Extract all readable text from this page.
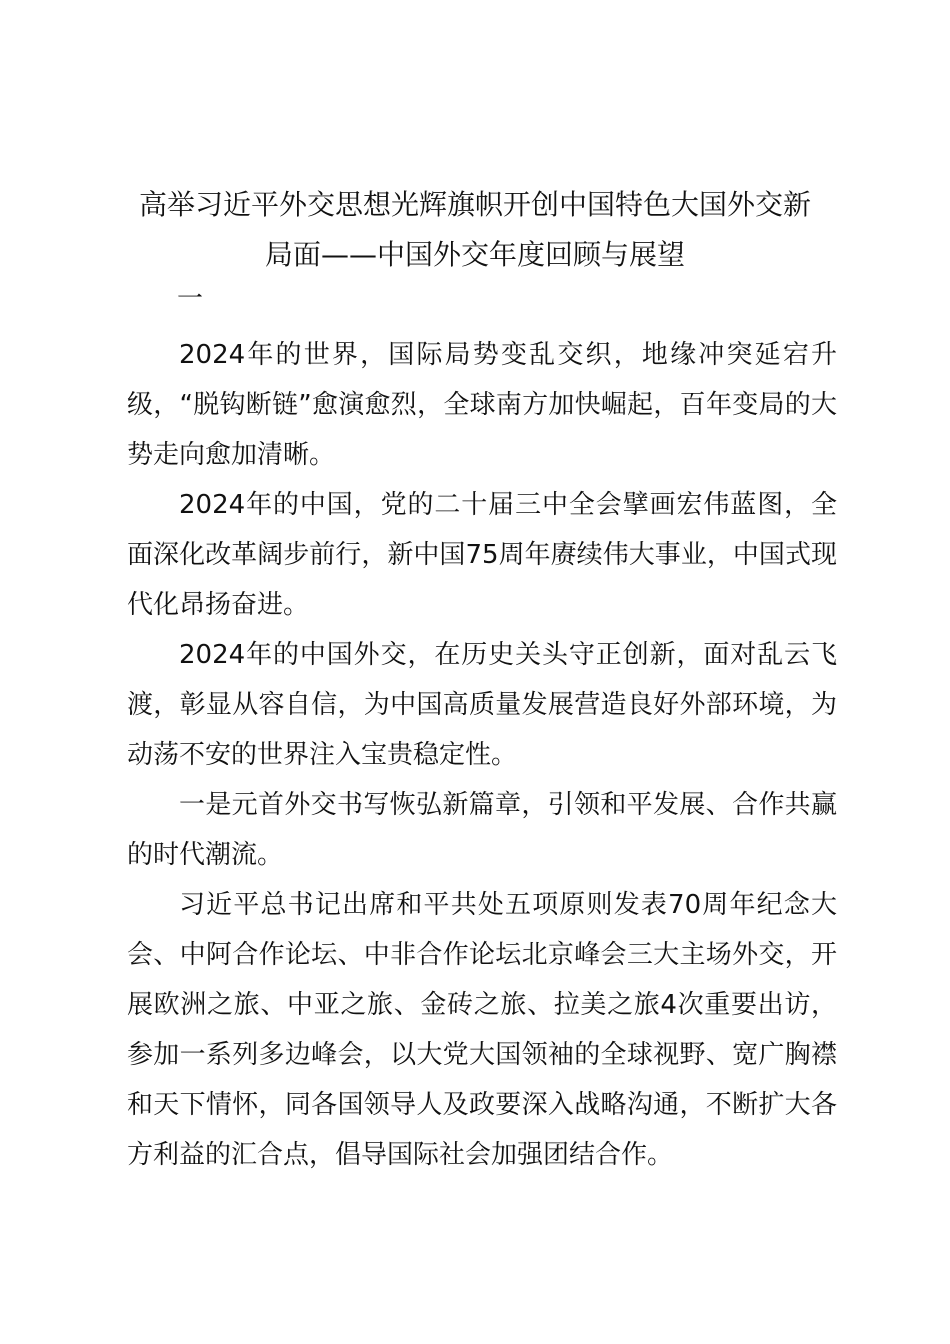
高举习近平外交思想光辉旗帜开创中国特色大国外交新
局面——中国外交年度回顾与展望
一

2024年的世界，国际局势变乱交织，地缘冲突延宕升级，“脱钩断链”愈演愈烈，全球南方加快崛起，百年变局的大势走向愈加清晰。

2024年的中国，党的二十届三中全会擘画宏伟蓝图，全面深化改革阔步前行，新中国75周年赓续伟大事业，中国式现代化昂扬奋进。

2024年的中国外交，在历史关头守正创新，面对乱云飞渡，彰显从容自信，为中国高质量发展营造良好外部环境，为动荡不安的世界注入宝贵稳定性。

一是元首外交书写恢弘新篇章，引领和平发展、合作共赢的时代潮流。

习近平总书记出席和平共处五项原则发表70周年纪念大会、中阿合作论坛、中非合作论坛北京峰会三大主场外交，开展欧洲之旅、中亚之旅、金砖之旅、拉美之旅4次重要出访，参加一系列多边峰会，以大党大国领袖的全球视野、宽广胸襟和天下情怀，同各国领导人及政要深入战略沟通，不断扩大各方利益的汇合点，倡导国际社会加强团结合作。
